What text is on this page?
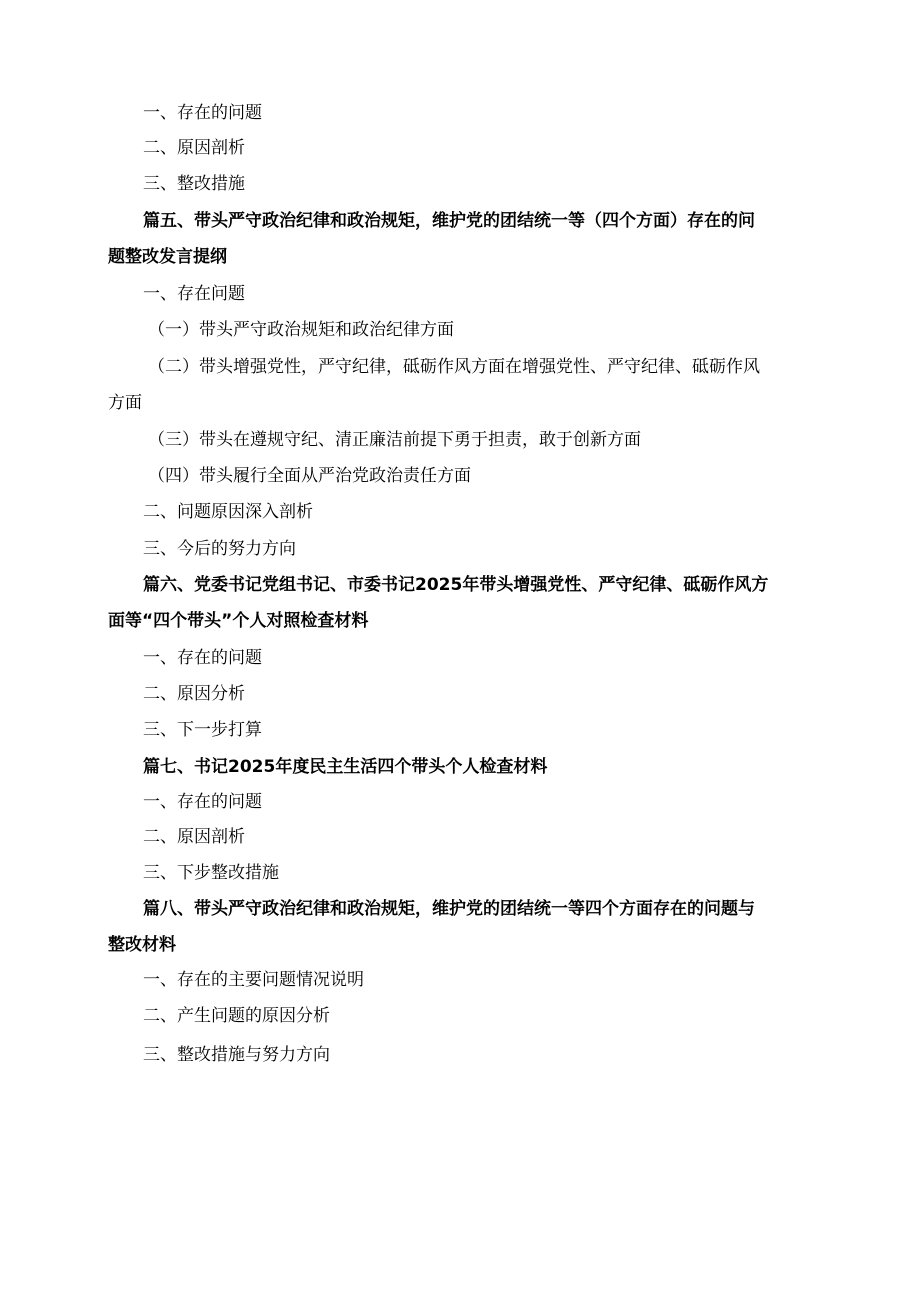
一、存在的问题
二、原因剖析
三、整改措施
篇五、带头严守政治纪律和政治规矩，维护党的团结统一等（四个方面）存在的问
题整改发言提纲
一、存在问题
（一）带头严守政治规矩和政治纪律方面
（二）带头增强党性，严守纪律，砥砺作风方面在增强党性、严守纪律、砥砺作风
方面
（三）带头在遵规守纪、清正廉洁前提下勇于担责，敢于创新方面
（四）带头履行全面从严治党政治责任方面
二、问题原因深入剖析
三、今后的努力方向
篇六、党委书记党组书记、市委书记2025年带头增强党性、严守纪律、砥砺作风方
面等“四个带头”个人对照检查材料
一、存在的问题
二、原因分析
三、下一步打算
篇七、书记2025年度民主生活四个带头个人检查材料
一、存在的问题
二、原因剖析
三、下步整改措施
篇八、带头严守政治纪律和政治规矩，维护党的团结统一等四个方面存在的问题与
整改材料
一、存在的主要问题情况说明
二、产生问题的原因分析
三、整改措施与努力方向
